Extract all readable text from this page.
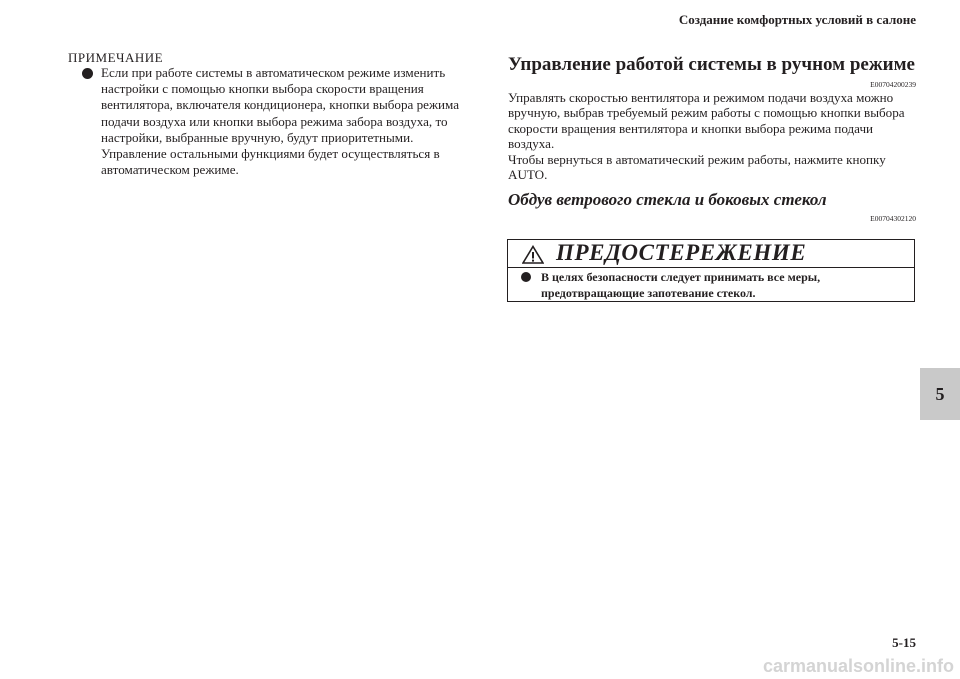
Создание комфортных условий в салоне
ПРИМЕЧАНИЕ
Если при работе системы в автоматическом режиме изменить настройки с помощью кнопки выбора скорости вращения вентилятора, включателя кондиционера, кнопки выбора режима подачи воздуха или кнопки выбора режима забора воздуха, то настройки, выбранные вручную, будут приоритетными. Управление остальными функциями будет осуществляться в автоматическом режиме.
Управление работой системы в ручном режиме
E00704200239

Управлять скоростью вентилятора и режимом подачи воздуха можно вручную, выбрав требуемый режим работы с помощью кнопки выбора скорости вращения вентилятора и кнопки выбора режима подачи воздуха.

Чтобы вернуться в автоматический режим работы, нажмите кнопку AUTO.

Обдув ветрового стекла и боковых стекол
E00704302120
ПРЕДОСТЕРЕЖЕНИЕ
В целях безопасности следует принимать все меры, предотвращающие запотевание стекол.
5
5-15
carmanualsonline.info
